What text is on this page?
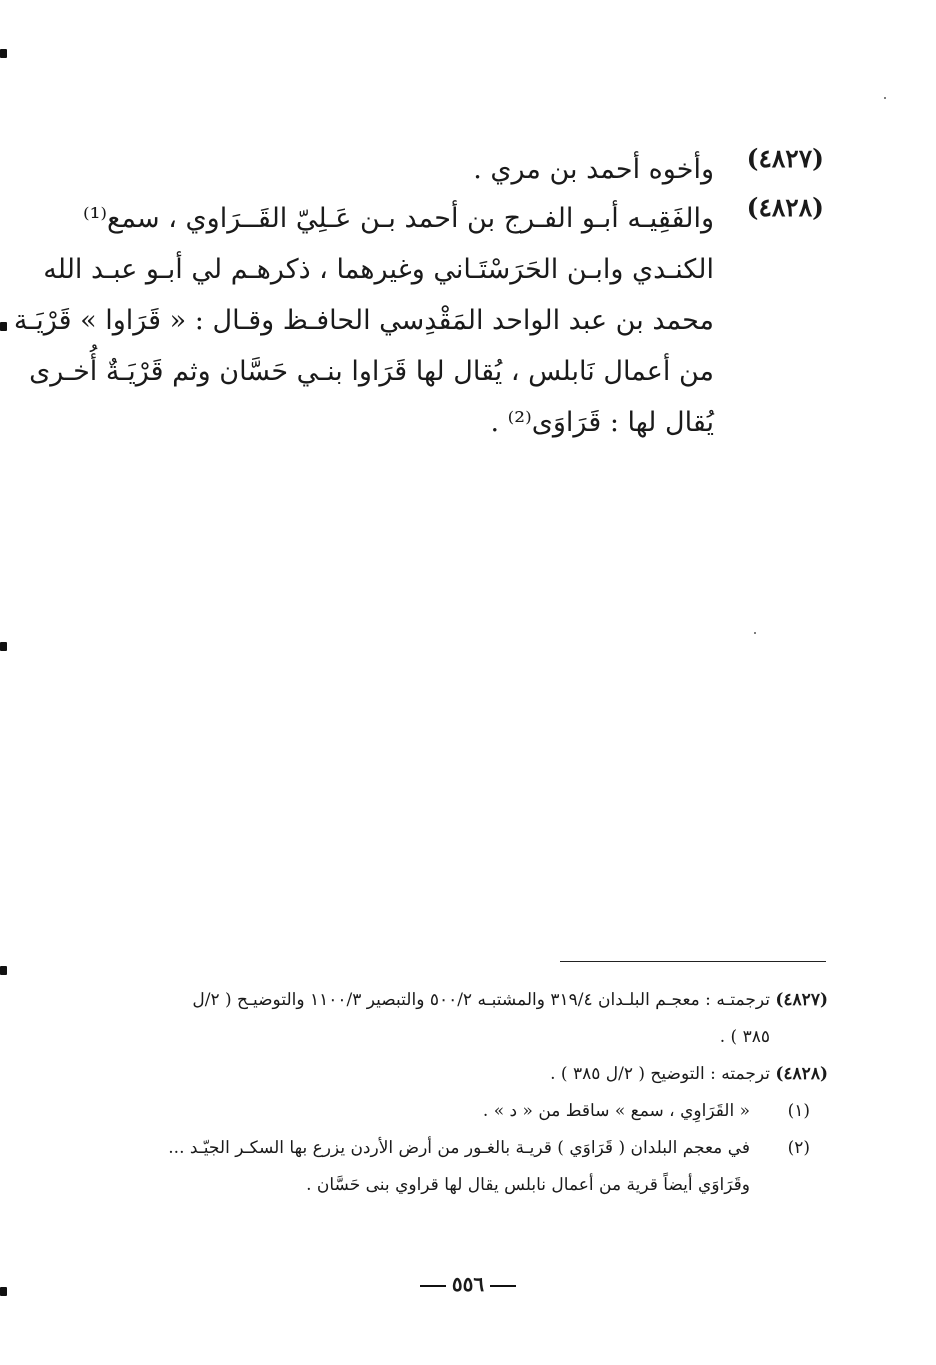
(٤٨٢٧)
وأخوه أحمد بن مري .
(٤٨٢٨)
والفَقِيـه أبـو الفـرج بن أحمد بـن عَـلِيّ القَــرَاوي ، سمع⁽¹⁾
الكنـدي وابـن الحَرَسْتَـاني وغيرهما ، ذكرهـم لي أبـو عبـد الله
محمد بن عبد الواحد المَقْدِسي الحافـظ وقـال : « قَرَاوا » قَرْيَـة
من أعمال نَابلس ، يُقال لها قَرَاوا بنـي حَسَّان وثم قَرْيَـةٌ أُخـرى
يُقال لها : قَرَاوَى⁽²⁾ .
(٤٨٢٧)
ترجمتـه : معجـم البلـدان ٣١٩/٤ والمشتبـه ٥٠٠/٢ والتبصير ١١٠٠/٣ والتوضيـح ( ٢/ل
٣٨٥ ) .
(٤٨٢٨)
ترجمته : التوضيح ( ٢/ل ٣٨٥ ) .
(١)
« القَرَاوِي ، سمع » ساقط من « د » .
(٢)
في معجم البلدان ( قَرَاوَي ) قريـة بالغـور من أرض الأردن يزرع بها السكـر الجيّـد ...
وقَرَاوَي أيضاً قرية من أعمال نابلس يقال لها قراوي بنى حَسَّان .
٥٥٦
